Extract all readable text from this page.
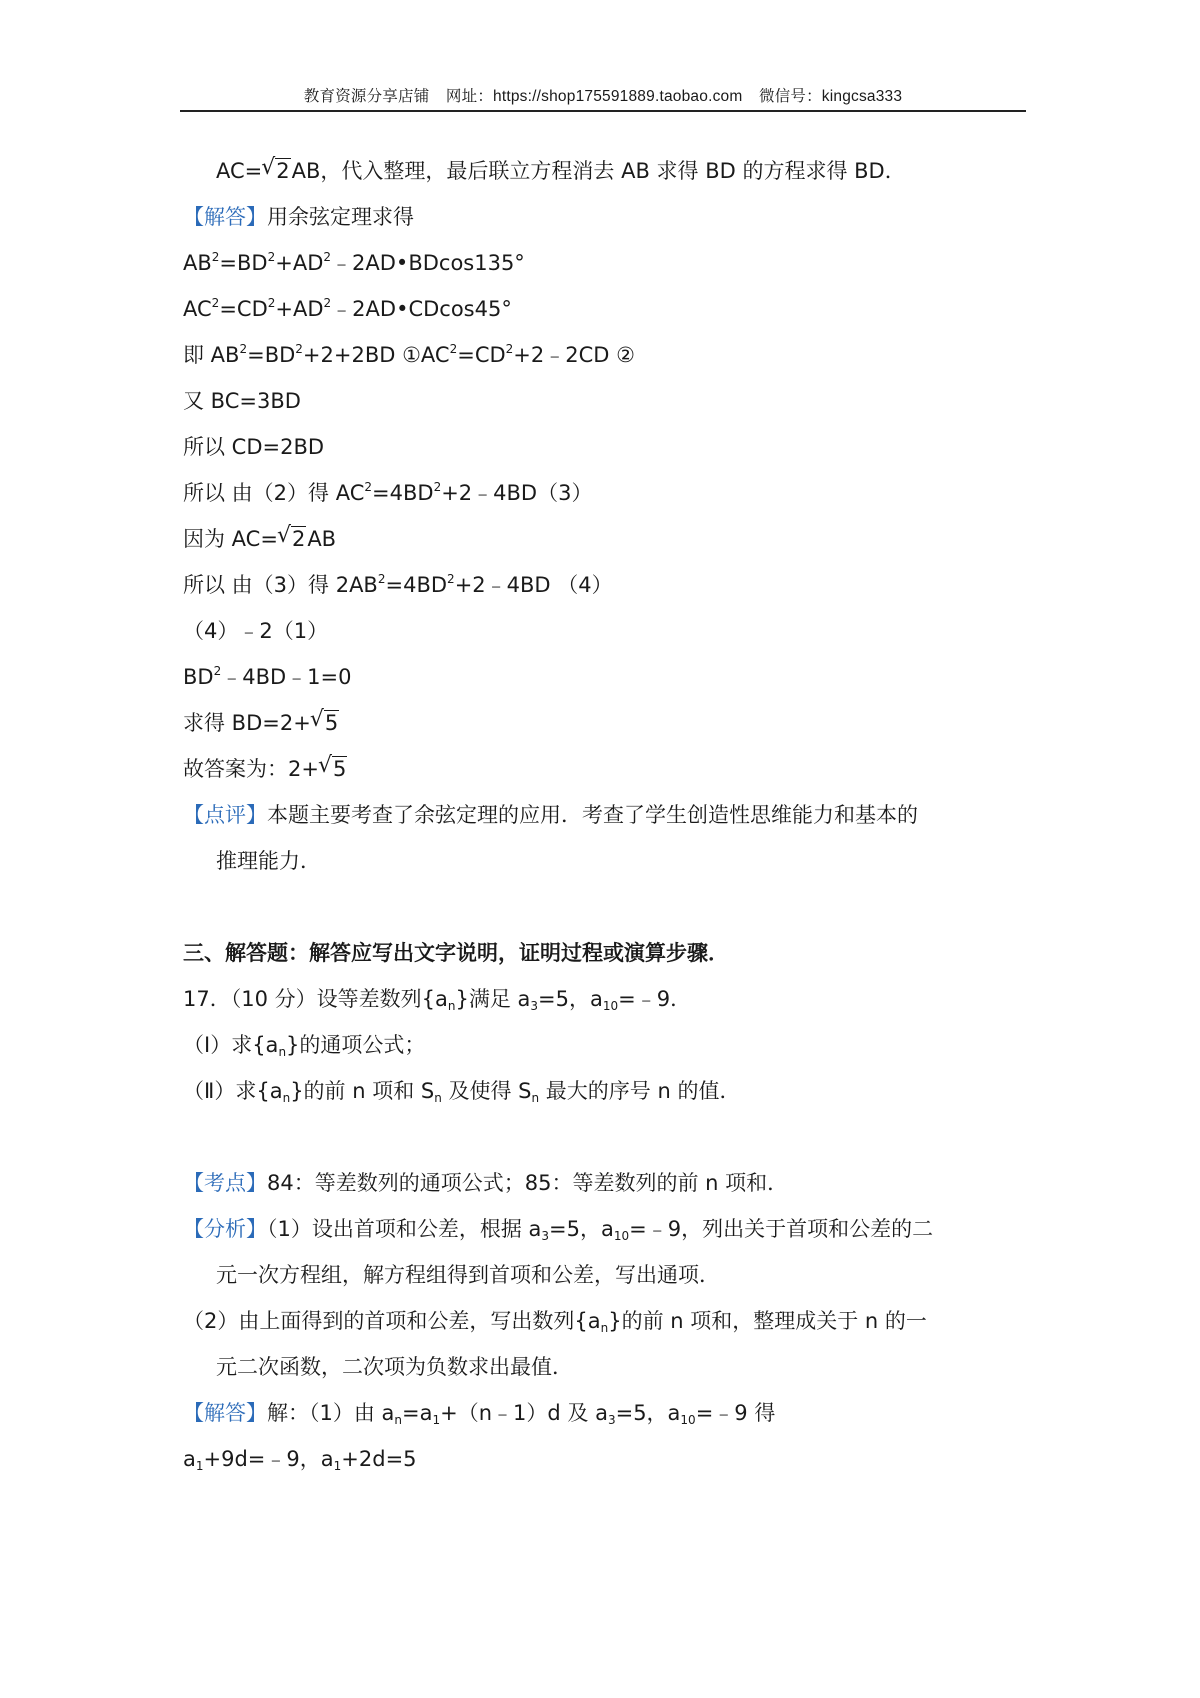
教育资源分享店铺 网址：https://shop175591889.taobao.com 微信号：kingcsa333
AC= √ 2AB，代入整理，最后联立方程消去 AB 求得 BD 的方程求得 BD．
【解答】用余弦定理求得
$AB^2=BD^2+AD^2﹣2AD•BDcos135^\circ$
$AC^2=CD^2+AD^2﹣2AD•CDcos45^\circ$
即 $AB^2=BD^2+2+2BD$ $①AC^2=CD^2+2﹣2CD$ ②
又 BC=3BD
所以 CD=2BD
所以 由（2）得 $AC^2=4BD^2+2﹣4BD(3)$
因为 AC= √ 2AB
所以 由（3）得 $2AB^2=4BD^2+2﹣4BD$ （4）
（4）﹣2（1）
$BD^2﹣4BD﹣1=0$
求得 BD=2+ √ 5
故答案为：2+ √ 5
【点评】本题主要考查了余弦定理的应用．考查了学生创造性思维能力和基本的
推理能力．
三、解答题：解答应写出文字说明，证明过程或演算步骤．
17．（10 分）设等差数列$\{a_n\}$满足 $a_3=5$，$a_{10}=﹣9$．
（Ⅰ）求$\{a_n\}$的通项公式；
（Ⅱ）求$\{a_n\}$的前 n 项和 $S_n$ 及使得 $S_n$ 最大的序号 n 的值．
【考点】84：等差数列的通项公式；85：等差数列的前 n 项和．
【分析】（1）设出首项和公差，根据 $a_3=5$，$a_{10}=﹣9$，列出关于首项和公差的二
元一次方程组，解方程组得到首项和公差，写出通项．
（2）由上面得到的首项和公差，写出数列$\{a_n\}$的前 n 项和，整理成关于 n 的一
元二次函数，二次项为负数求出最值．
【解答】解：（1）由 $a_n=a_1+(n﹣1)d$ 及 $a_3=5$，$a_{10}=﹣9$ 得
$a_1+9d=﹣9$，$a_1+2d=5$
